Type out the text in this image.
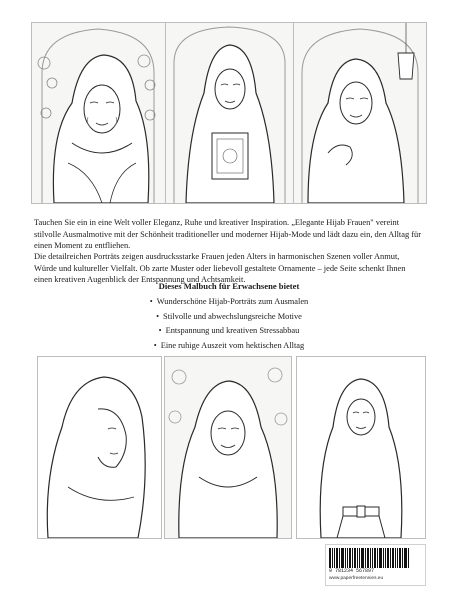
Tauchen Sie ein in eine Welt voller Eleganz, Ruhe und kreativer Inspiration. „Elegante Hijab Frauen" vereint stilvolle Ausmalmotive mit der Schönheit traditioneller und moderner Hijab-Mode und lädt dazu ein, den Alltag für einen Moment zu entfliehen.

Die detailreichen Porträts zeigen ausdrucksstarke Frauen jeden Alters in harmonischen Szenen voller Anmut, Würde und kultureller Vielfalt. Ob zarte Muster oder liebevoll gestaltete Ornamente – jede Seite schenkt Ihnen einen kreativen Augenblick der Entspannung und Achtsamkeit.

Dieses Malbuch für Erwachsene bietet
• Wunderschöne Hijab-Porträts zum Ausmalen
• Stilvolle und abwechslungsreiche Motive
• Entspannung und kreativen Stressabbau
• Eine ruhige Auszeit vom hektischen Alltag
9 781234 567897
www.paperfreetennies.eu
